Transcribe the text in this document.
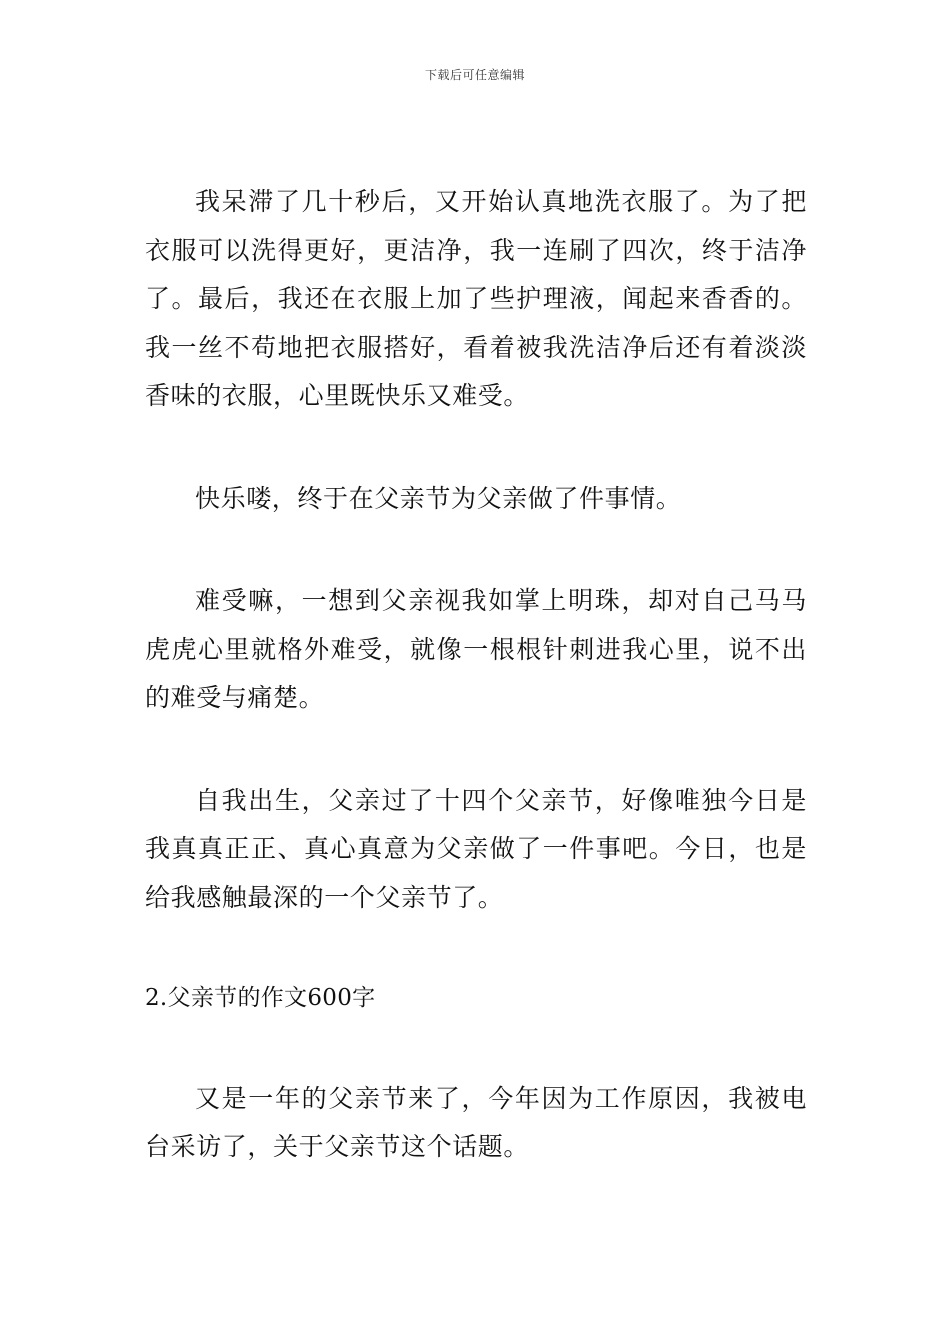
下载后可任意编辑

我呆滞了几十秒后，又开始认真地洗衣服了。为了把衣服可以洗得更好，更洁净，我一连刷了四次，终于洁净了。最后，我还在衣服上加了些护理液，闻起来香香的。我一丝不苟地把衣服搭好，看着被我洗洁净后还有着淡淡香味的衣服，心里既快乐又难受。

快乐喽，终于在父亲节为父亲做了件事情。

难受嘛，一想到父亲视我如掌上明珠，却对自己马马虎虎心里就格外难受，就像一根根针刺进我心里，说不出的难受与痛楚。

自我出生，父亲过了十四个父亲节，好像唯独今日是我真真正正、真心真意为父亲做了一件事吧。今日，也是给我感触最深的一个父亲节了。

2.父亲节的作文600字

又是一年的父亲节来了，今年因为工作原因，我被电台采访了，关于父亲节这个话题。
